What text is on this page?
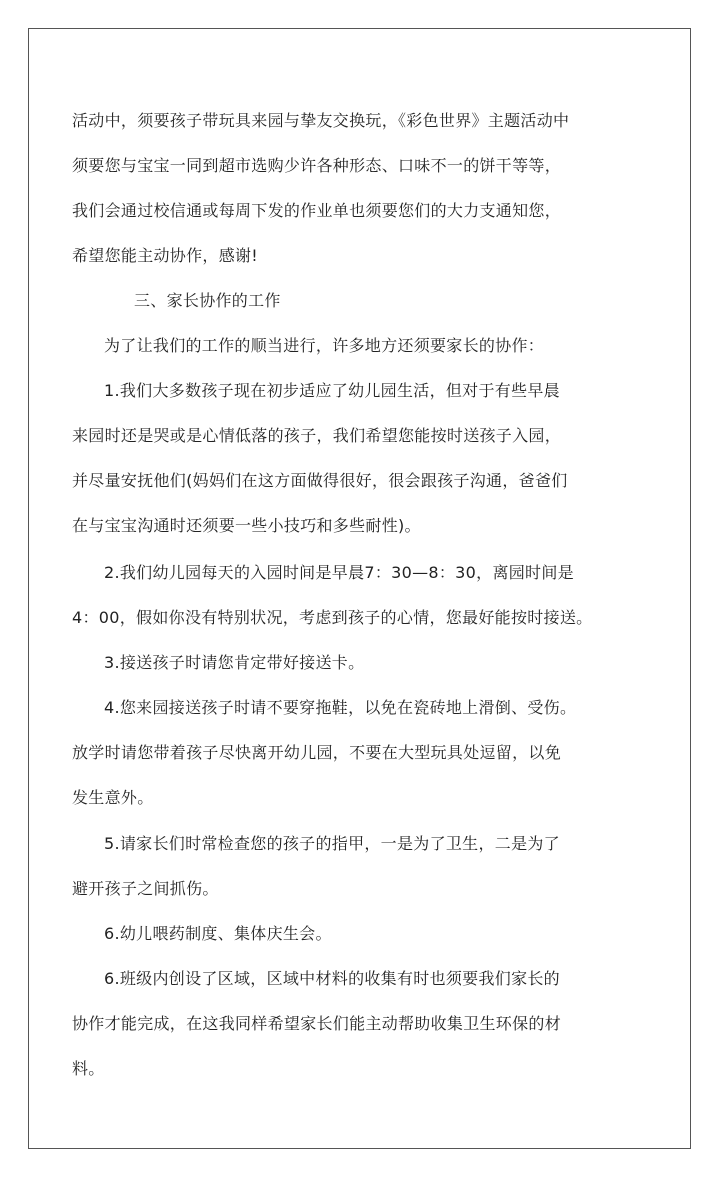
活动中，须要孩子带玩具来园与挚友交换玩，《彩色世界》主题活动中
须要您与宝宝一同到超市选购少许各种形态、口味不一的饼干等等，
我们会通过校信通或每周下发的作业单也须要您们的大力支通知您，
希望您能主动协作，感谢!
三、家长协作的工作
为了让我们的工作的顺当进行，许多地方还须要家长的协作：
1.我们大多数孩子现在初步适应了幼儿园生活，但对于有些早晨
来园时还是哭或是心情低落的孩子，我们希望您能按时送孩子入园，
并尽量安抚他们(妈妈们在这方面做得很好，很会跟孩子沟通，爸爸们
在与宝宝沟通时还须要一些小技巧和多些耐性)。
2.我们幼儿园每天的入园时间是早晨7：30—8：30，离园时间是
4：00，假如你没有特别状况，考虑到孩子的心情，您最好能按时接送。
3.接送孩子时请您肯定带好接送卡。
4.您来园接送孩子时请不要穿拖鞋，以免在瓷砖地上滑倒、受伤。
放学时请您带着孩子尽快离开幼儿园，不要在大型玩具处逗留，以免
发生意外。
5.请家长们时常检查您的孩子的指甲，一是为了卫生，二是为了
避开孩子之间抓伤。
6.幼儿喂药制度、集体庆生会。
6.班级内创设了区域，区域中材料的收集有时也须要我们家长的
协作才能完成，在这我同样希望家长们能主动帮助收集卫生环保的材
料。
